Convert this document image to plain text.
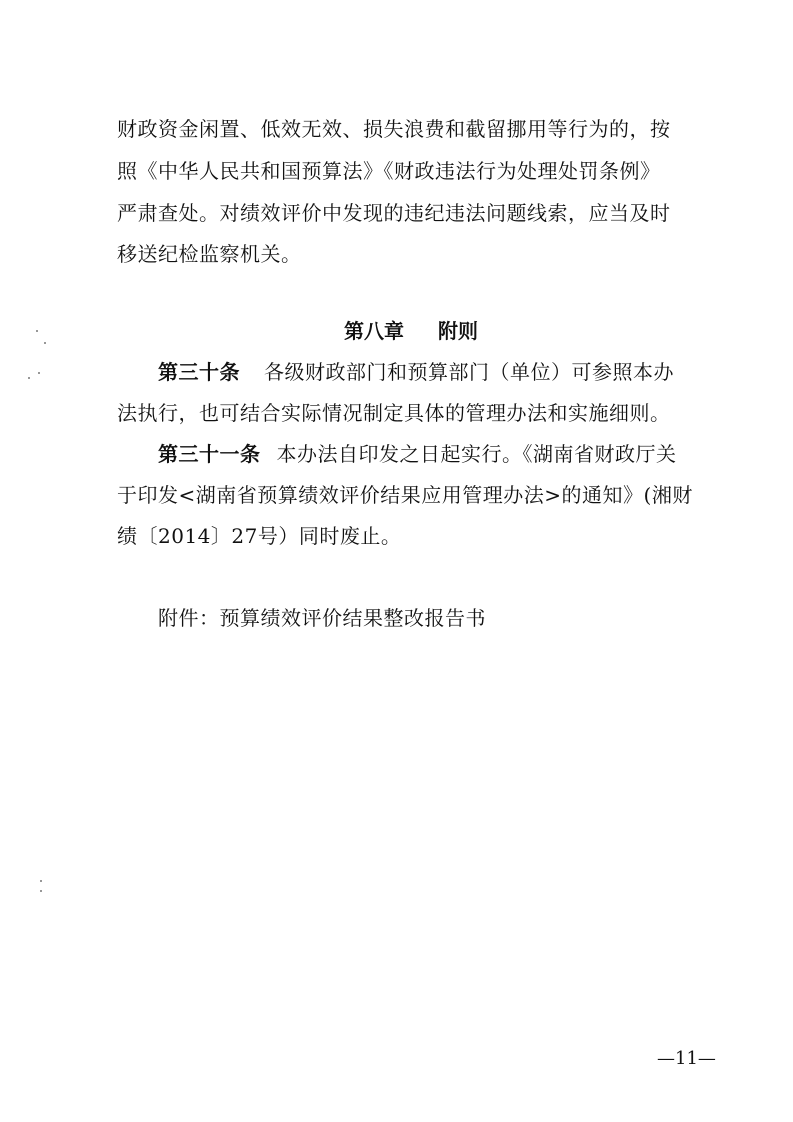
财政资金闲置、低效无效、损失浪费和截留挪用等行为的，按
照《中华人民共和国预算法》《财政违法行为处理处罚条例》
严肃查处。对绩效评价中发现的违纪违法问题线索，应当及时
移送纪检监察机关。
第八章 附则
第三十条 各级财政部门和预算部门（单位）可参照本办
法执行，也可结合实际情况制定具体的管理办法和实施细则。
第三十一条 本办法自印发之日起实行。《湖南省财政厅关
于印发<湖南省预算绩效评价结果应用管理办法>的通知》(湘财
绩〔2014〕27号）同时废止。
附件：预算绩效评价结果整改报告书
—11—
